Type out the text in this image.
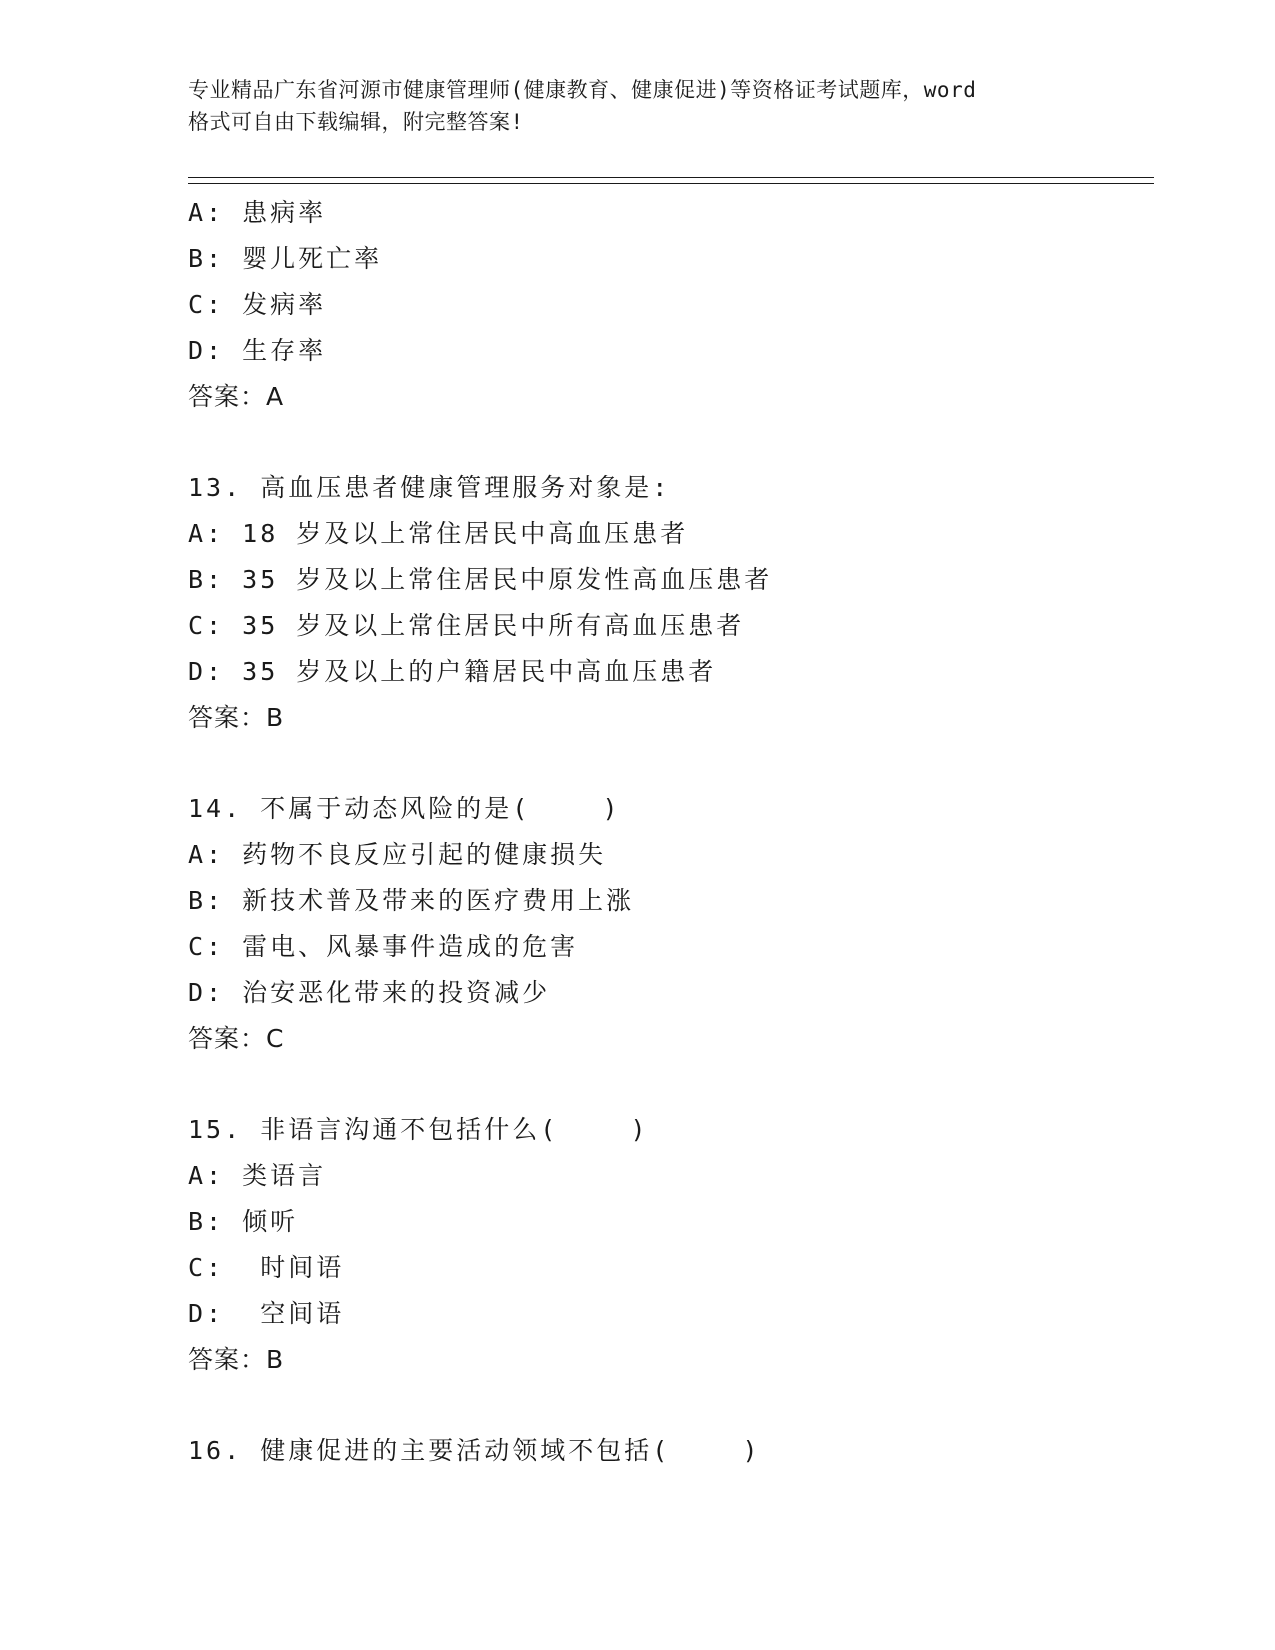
专业精品广东省河源市健康管理师(健康教育、健康促进)等资格证考试题库，word
格式可自由下载编辑，附完整答案!
A: 患病率
B: 婴儿死亡率
C: 发病率
D: 生存率
答案：A
13. 高血压患者健康管理服务对象是:
A: 18 岁及以上常住居民中高血压患者
B: 35 岁及以上常住居民中原发性高血压患者
C: 35 岁及以上常住居民中所有高血压患者
D: 35 岁及以上的户籍居民中高血压患者
答案：B
14. 不属于动态风险的是(    )
A: 药物不良反应引起的健康损失
B: 新技术普及带来的医疗费用上涨
C: 雷电、风暴事件造成的危害
D: 治安恶化带来的投资减少
答案：C
15. 非语言沟通不包括什么(    )
A: 类语言
B: 倾听
C:  时间语
D:  空间语
答案：B
16. 健康促进的主要活动领域不包括(    )
